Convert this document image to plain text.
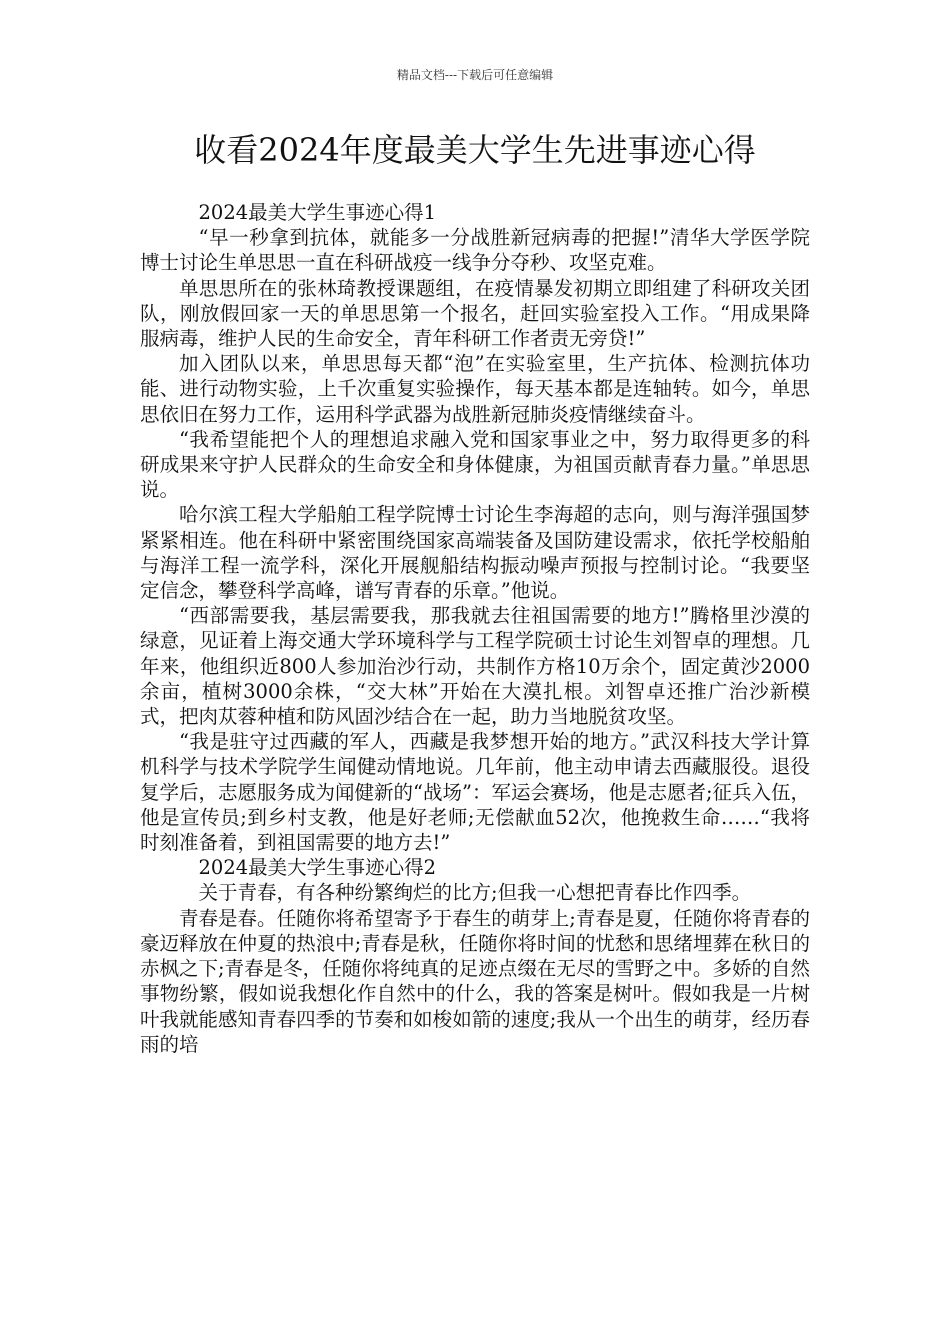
精品文档---下载后可任意编辑

收看2024年度最美大学生先进事迹心得

2024最美大学生事迹心得1

“早一秒拿到抗体，就能多一分战胜新冠病毒的把握!”清华大学医学院博士讨论生单思思一直在科研战疫一线争分夺秒、攻坚克难。

单思思所在的张林琦教授课题组，在疫情暴发初期立即组建了科研攻关团队，刚放假回家一天的单思思第一个报名，赶回实验室投入工作。“用成果降服病毒，维护人民的生命安全，青年科研工作者责无旁贷!”

加入团队以来，单思思每天都“泡”在实验室里，生产抗体、检测抗体功能、进行动物实验，上千次重复实验操作，每天基本都是连轴转。如今，单思思依旧在努力工作，运用科学武器为战胜新冠肺炎疫情继续奋斗。

“我希望能把个人的理想追求融入党和国家事业之中，努力取得更多的科研成果来守护人民群众的生命安全和身体健康，为祖国贡献青春力量。”单思思说。

哈尔滨工程大学船舶工程学院博士讨论生李海超的志向，则与海洋强国梦紧紧相连。他在科研中紧密围绕国家高端装备及国防建设需求，依托学校船舶与海洋工程一流学科，深化开展舰船结构振动噪声预报与控制讨论。“我要坚定信念，攀登科学高峰，谱写青春的乐章。”他说。

“西部需要我，基层需要我，那我就去往祖国需要的地方!”腾格里沙漠的绿意，见证着上海交通大学环境科学与工程学院硕士讨论生刘智卓的理想。几年来，他组织近800人参加治沙行动，共制作方格10万余个，固定黄沙2000余亩，植树3000余株，“交大林”开始在大漠扎根。刘智卓还推广治沙新模式，把肉苁蓉种植和防风固沙结合在一起，助力当地脱贫攻坚。

“我是驻守过西藏的军人，西藏是我梦想开始的地方。”武汉科技大学计算机科学与技术学院学生闻健动情地说。几年前，他主动申请去西藏服役。退役复学后，志愿服务成为闻健新的“战场”：军运会赛场，他是志愿者;征兵入伍，他是宣传员;到乡村支教，他是好老师;无偿献血52次，他挽救生命……“我将时刻准备着，到祖国需要的地方去!”

2024最美大学生事迹心得2

关于青春，有各种纷繁绚烂的比方;但我一心想把青春比作四季。

青春是春。任随你将希望寄予于春生的萌芽上;青春是夏，任随你将青春的豪迈释放在仲夏的热浪中;青春是秋，任随你将时间的忧愁和思绪埋葬在秋日的赤枫之下;青春是冬，任随你将纯真的足迹点缀在无尽的雪野之中。多娇的自然事物纷繁，假如说我想化作自然中的什么，我的答案是树叶。假如我是一片树叶我就能感知青春四季的节奏和如梭如箭的速度;我从一个出生的萌芽，经历春雨的培
